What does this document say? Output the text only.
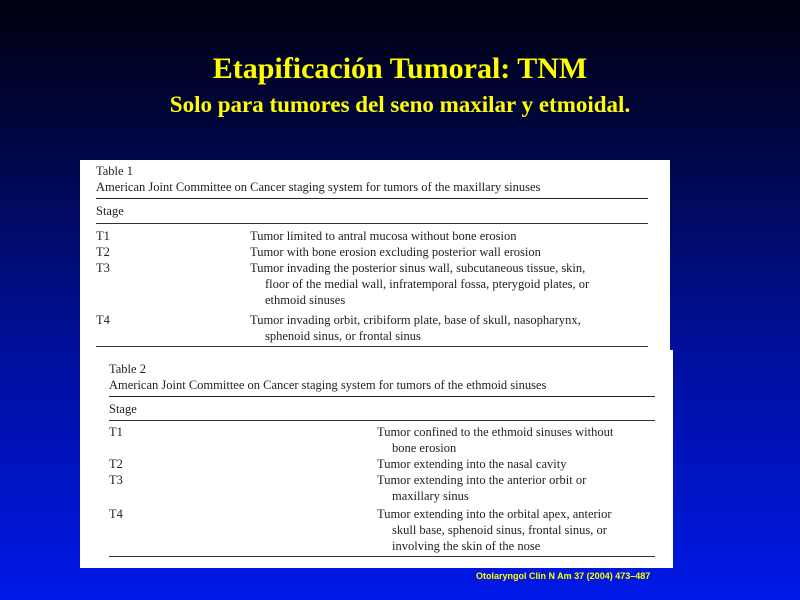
Etapificación Tumoral: TNM
Solo para tumores del seno maxilar y etmoidal.
Table 1
American Joint Committee on Cancer staging system for tumors of the maxillary sinuses
Stage
T1	Tumor limited to antral mucosa without bone erosion
T2	Tumor with bone erosion excluding posterior wall erosion
T3	Tumor invading the posterior sinus wall, subcutaneous tissue, skin,
floor of the medial wall, infratemporal fossa, pterygoid plates, or
ethmoid sinuses
T4	Tumor invading orbit, cribiform plate, base of skull, nasopharynx,
sphenoid sinus, or frontal sinus
Table 2
American Joint Committee on Cancer staging system for tumors of the ethmoid sinuses
Stage
T1	Tumor confined to the ethmoid sinuses without
bone erosion
T2	Tumor extending into the nasal cavity
T3	Tumor extending into the anterior orbit or
maxillary sinus
T4	Tumor extending into the orbital apex, anterior
skull base, sphenoid sinus, frontal sinus, or
involving the skin of the nose
Otolaryngol Clin N Am 37 (2004) 473–487
